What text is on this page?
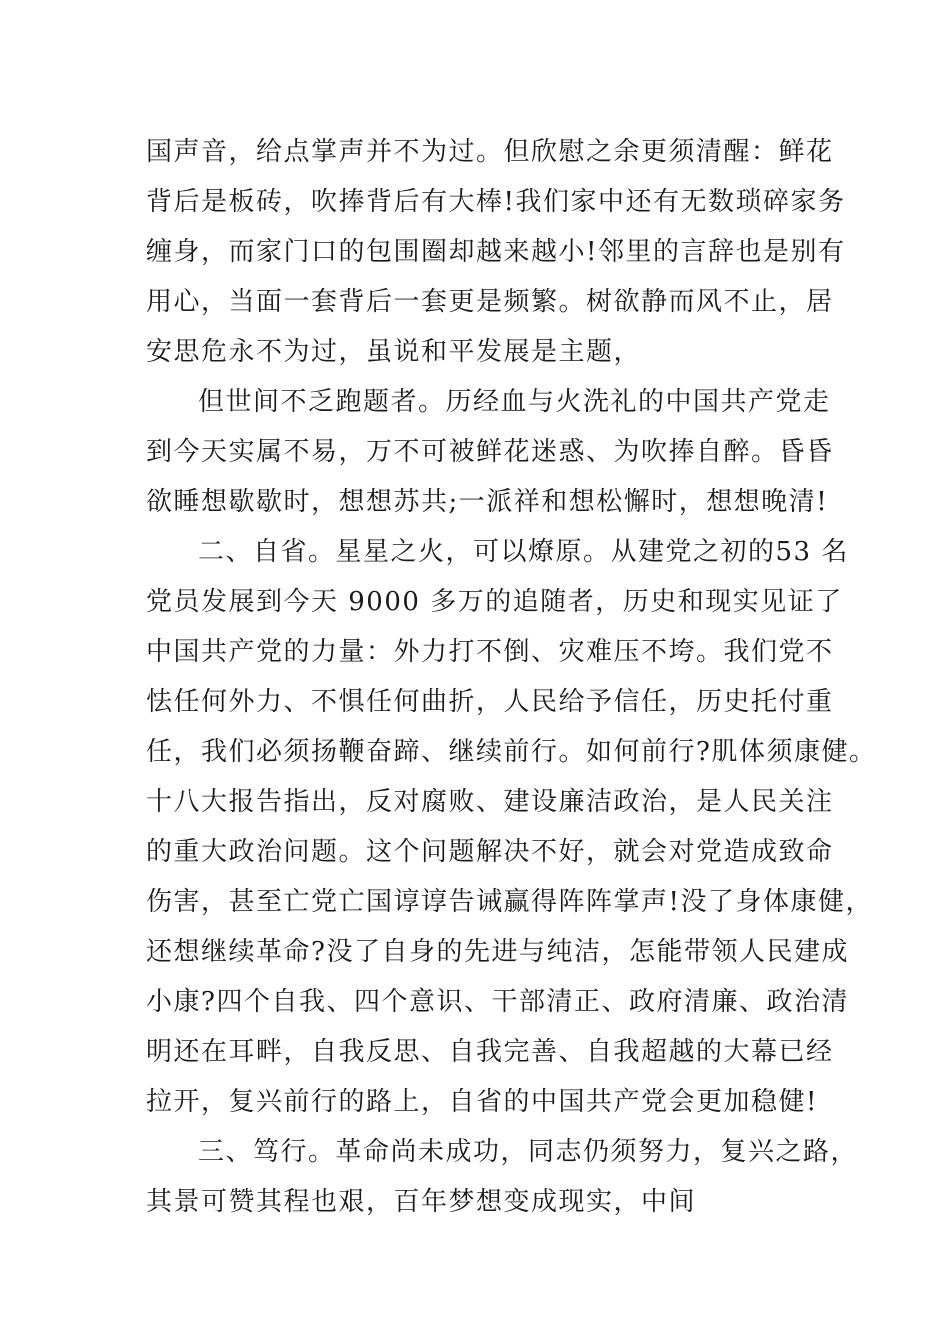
国声音，给点掌声并不为过。但欣慰之余更须清醒：鲜花
背后是板砖，吹捧背后有大棒!我们家中还有无数琐碎家务
缠身，而家门口的包围圈却越来越小!邻里的言辞也是别有
用心，当面一套背后一套更是频繁。树欲静而风不止，居
安思危永不为过，虽说和平发展是主题，
但世间不乏跑题者。历经血与火洗礼的中国共产党走
到今天实属不易，万不可被鲜花迷惑、为吹捧自醉。昏昏
欲睡想歇歇时，想想苏共;一派祥和想松懈时，想想晚清!
二、自省。星星之火，可以燎原。从建党之初的53 名
党员发展到今天 9000 多万的追随者，历史和现实见证了
中国共产党的力量：外力打不倒、灾难压不垮。我们党不
怯任何外力、不惧任何曲折，人民给予信任，历史托付重
任，我们必须扬鞭奋蹄、继续前行。如何前行?肌体须康健。
十八大报告指出，反对腐败、建设廉洁政治，是人民关注
的重大政治问题。这个问题解决不好，就会对党造成致命
伤害，甚至亡党亡国谆谆告诫赢得阵阵掌声!没了身体康健，
还想继续革命?没了自身的先进与纯洁，怎能带领人民建成
小康?四个自我、四个意识、干部清正、政府清廉、政治清
明还在耳畔，自我反思、自我完善、自我超越的大幕已经
拉开，复兴前行的路上，自省的中国共产党会更加稳健!
三、笃行。革命尚未成功，同志仍须努力，复兴之路，
其景可赞其程也艰，百年梦想变成现实，中间
